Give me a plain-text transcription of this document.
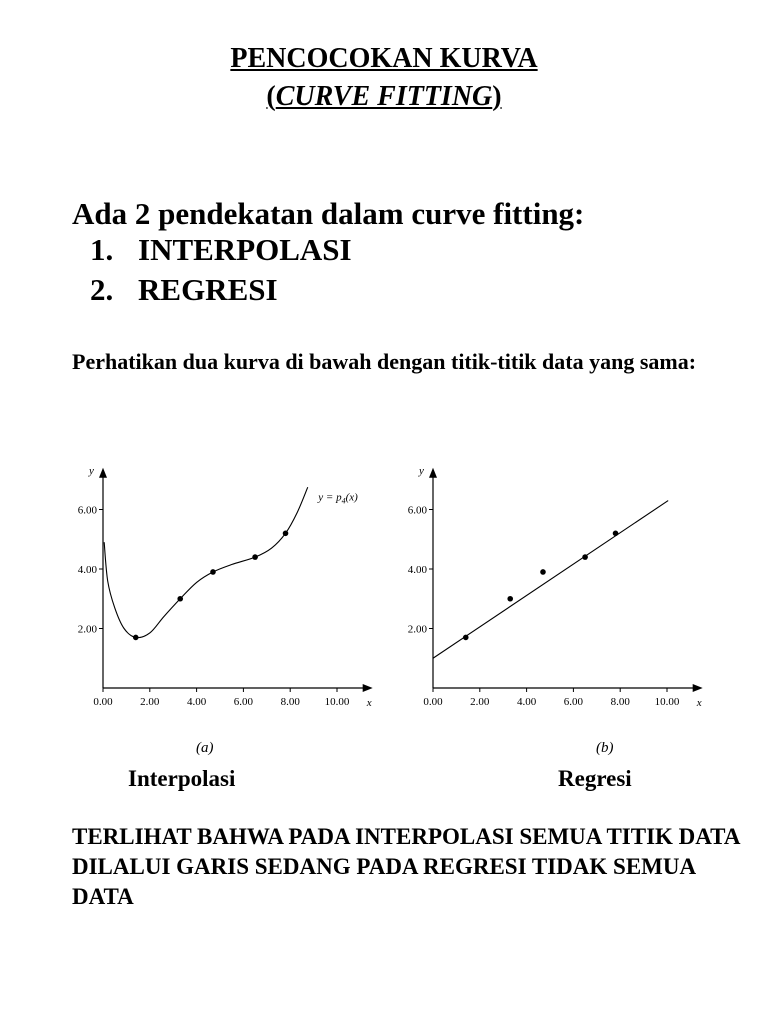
PENCOCOKAN KURVA
(CURVE FITTING)
Ada 2 pendekatan dalam curve fitting:
1. INTERPOLASI
2. REGRESI
Perhatikan dua kurva di bawah dengan titik-titik data yang sama:
0.00	2.00	4.00	6.00	8.00 10.00
2.00
4.00
6.00
x
y
$y = p_4(x)$
0.00	2.00	4.00	6.00	8.00 10.00
2.00
4.00
6.00
x
y
(a)	(b)
Interpolasi	Regresi
TERLIHAT BAHWA PADA INTERPOLASI SEMUA TITIK DATA DILALUI GARIS SEDANG PADA REGRESI TIDAK SEMUA DATA
